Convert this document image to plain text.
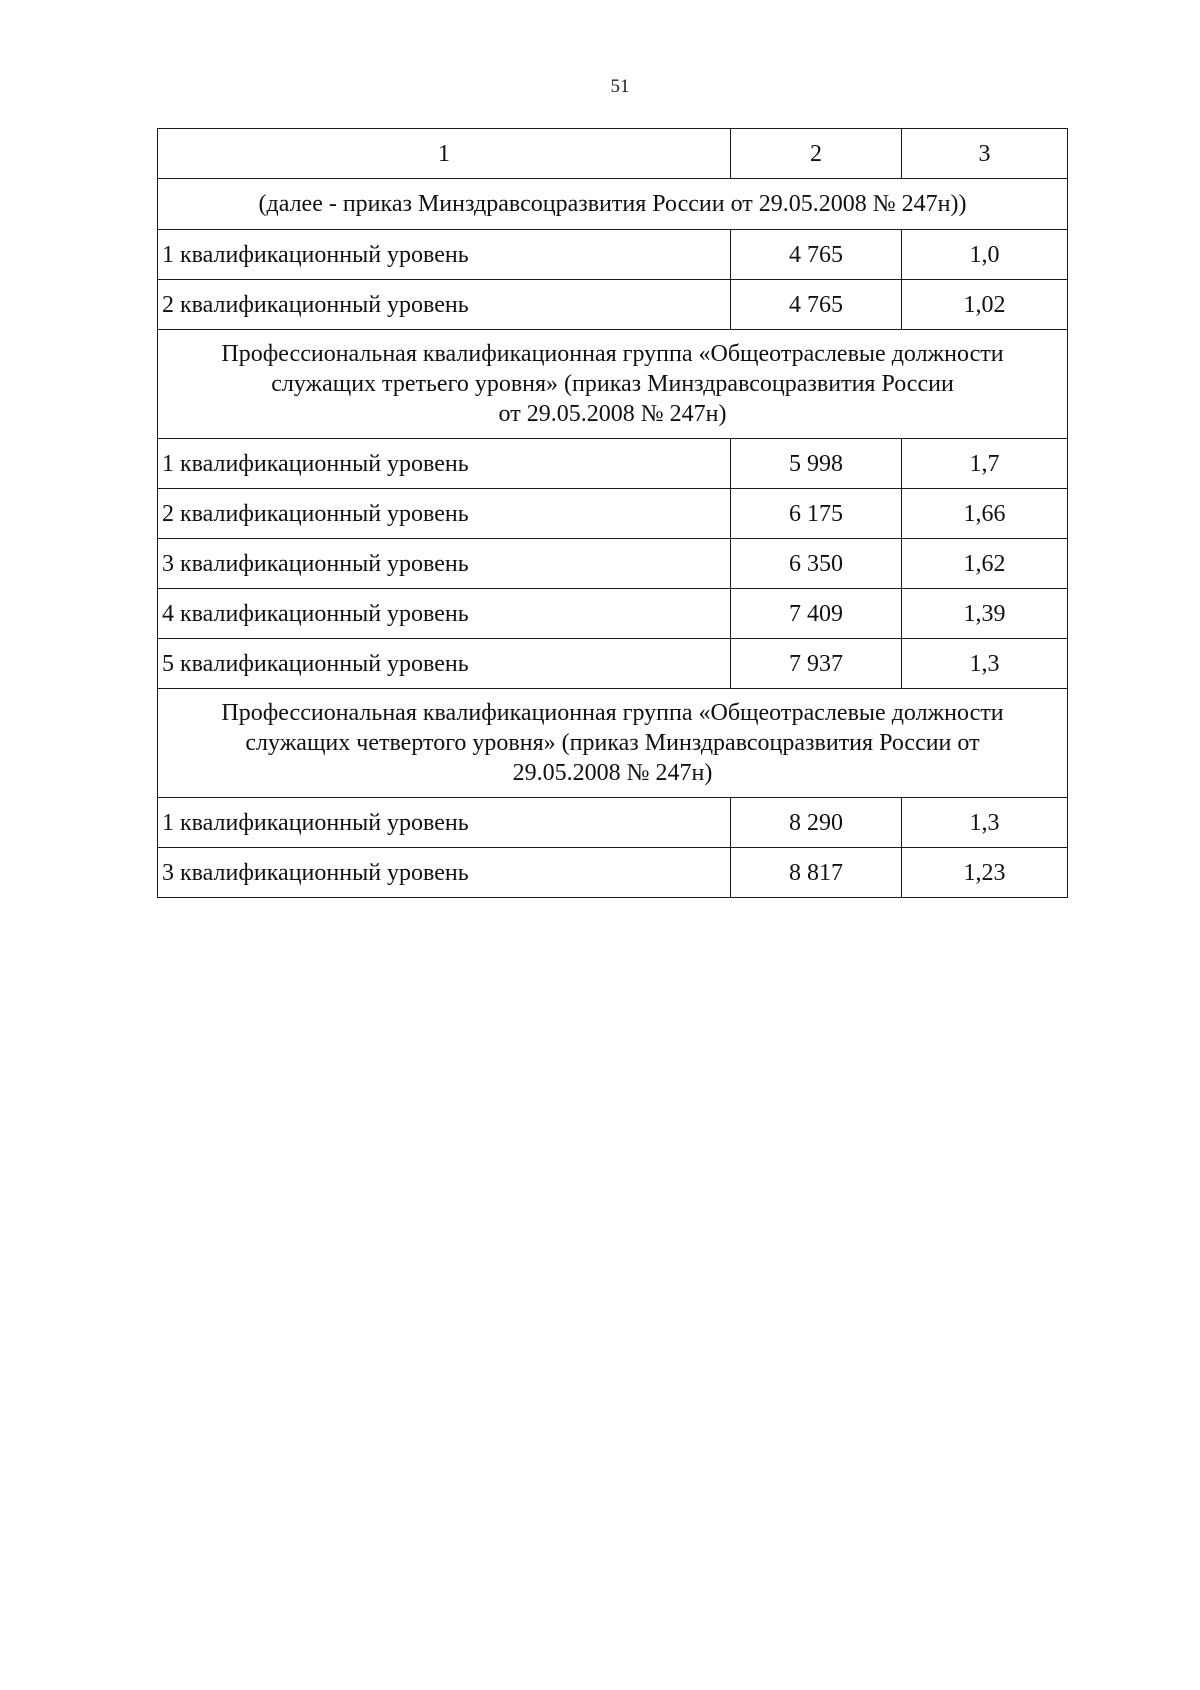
51
1	2	3
(далее - приказ Минздравсоцразвития России от 29.05.2008 № 247н))		
1 квалификационный уровень	4 765	1,0
2 квалификационный уровень	4 765	1,02

Профессиональная квалификационная группа «Общеотраслевые должности
служащих третьего уровня» (приказ Минздравсоцразвития России
от 29.05.2008 № 247н)		

1 квалификационный уровень	5 998	1,7
2 квалификационный уровень	6 175	1,66
3 квалификационный уровень	6 350	1,62
4 квалификационный уровень	7 409	1,39
5 квалификационный уровень	7 937	1,3

Профессиональная квалификационная группа «Общеотраслевые должности
служащих четвертого уровня» (приказ Минздравсоцразвития России от
29.05.2008 № 247н)		

1 квалификационный уровень	8 290	1,3
3 квалификационный уровень	8 817	1,23
